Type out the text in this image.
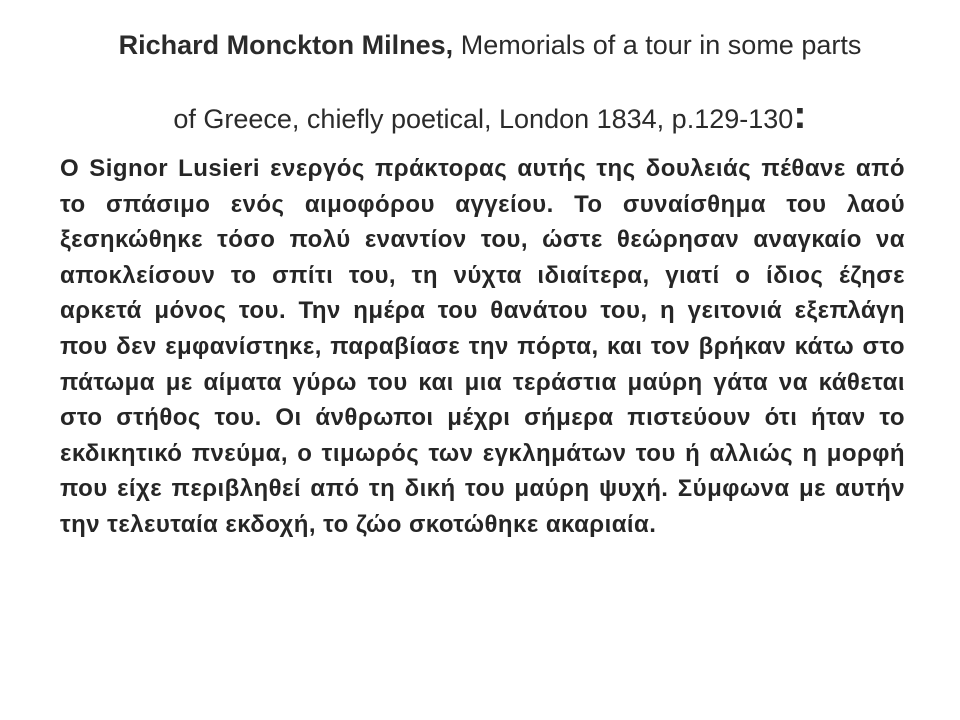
Richard Monckton Milnes, Memorials of a tour in some parts
of Greece, chiefly poetical, London 1834, p.129-130:

Ο Signor Lusieri ενεργός πράκτορας αυτής της δουλειάς πέθανε από το σπάσιμο ενός αιμοφόρου αγγείου. Το συναίσθημα του λαού ξεσηκώθηκε τόσο πολύ εναντίον του, ώστε θεώρησαν αναγκαίο να αποκλείσουν το σπίτι του, τη νύχτα ιδιαίτερα, γιατί ο ίδιος έζησε αρκετά μόνος του. Την ημέρα του θανάτου του, η γειτονιά εξεπλάγη που δεν εμφανίστηκε, παραβίασε την πόρτα, και τον βρήκαν κάτω στο πάτωμα με αίματα γύρω του και μια τεράστια μαύρη γάτα να κάθεται στο στήθος του. Οι άνθρωποι μέχρι σήμερα πιστεύουν ότι ήταν το εκδικητικό πνεύμα, ο τιμωρός των εγκλημάτων του ή αλλιώς η μορφή που είχε περιβληθεί από τη δική του μαύρη ψυχή. Σύμφωνα με αυτήν την τελευταία εκδοχή, το ζώο σκοτώθηκε ακαριαία.
